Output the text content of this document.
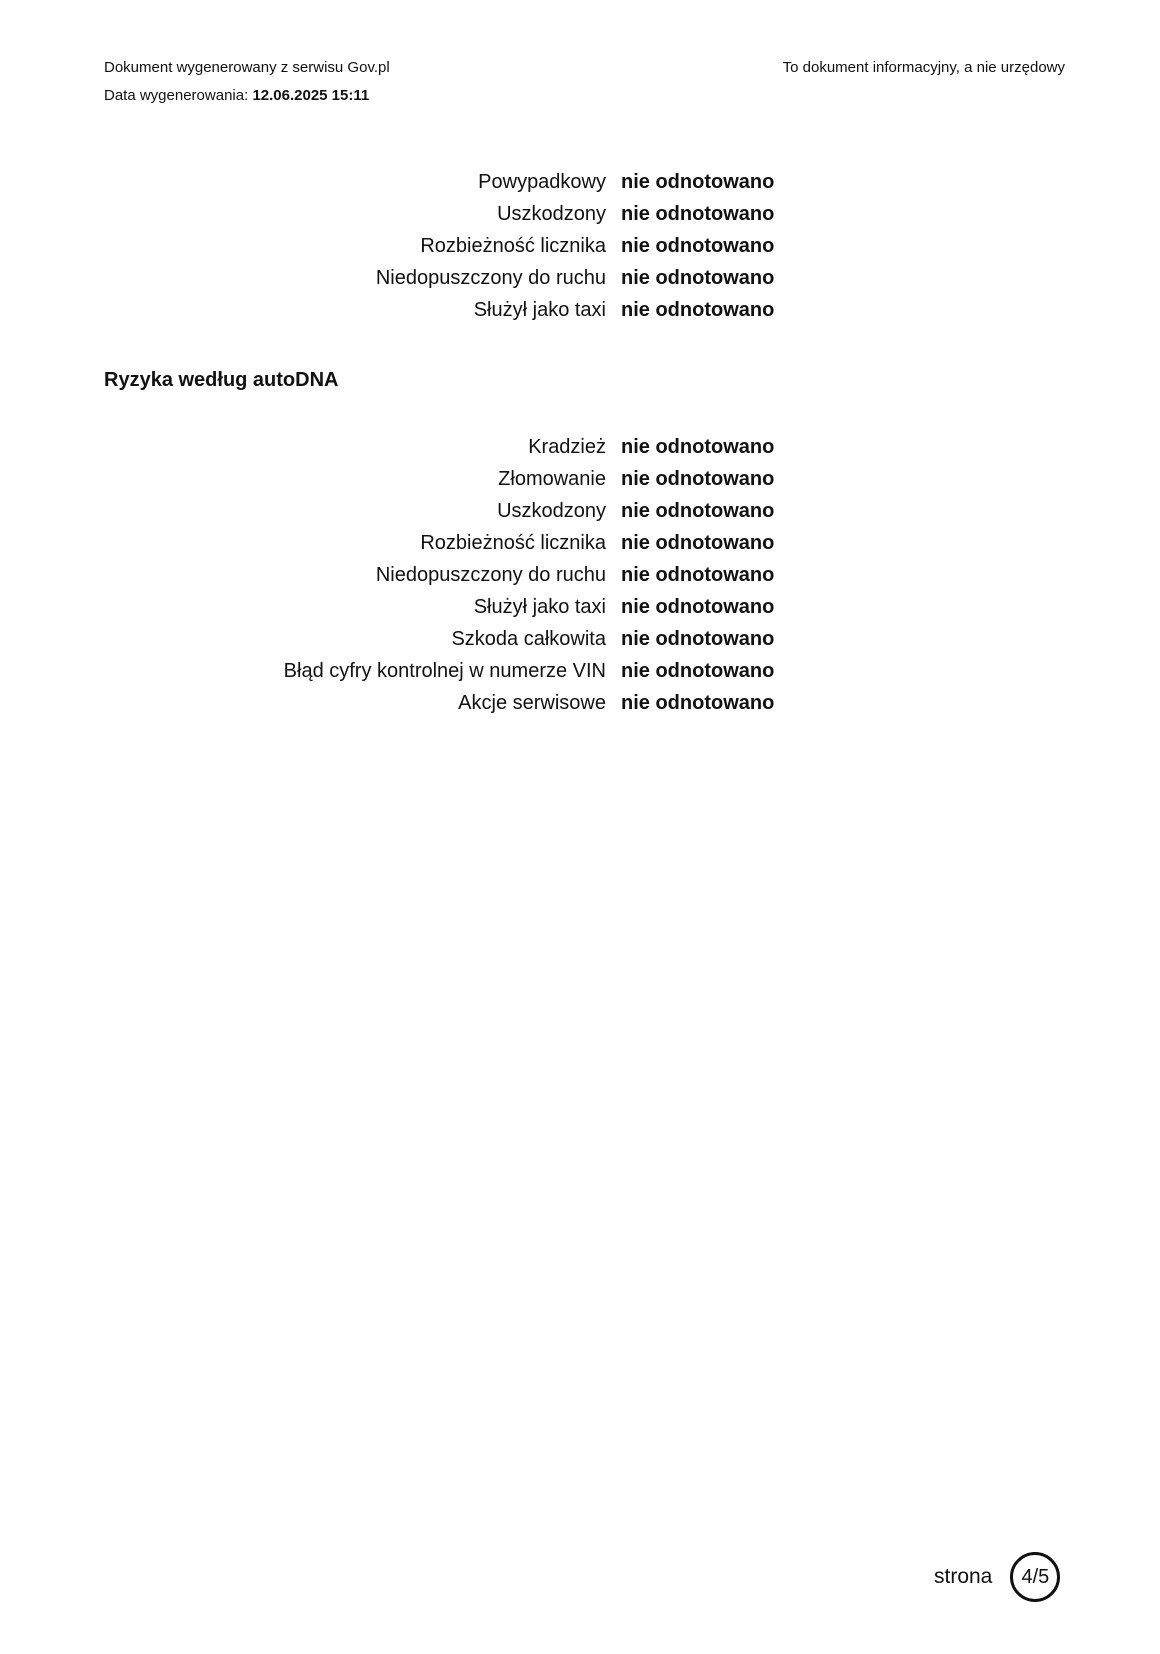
Dokument wygenerowany z serwisu Gov.pl
Data wygenerowania: 12.06.2025 15:11
To dokument informacyjny, a nie urzędowy
Powypadkowy nie odnotowano
Uszkodzony nie odnotowano
Rozbieżność licznika nie odnotowano
Niedopuszczony do ruchu nie odnotowano
Służył jako taxi nie odnotowano
Ryzyka według autoDNA
Kradzież nie odnotowano
Złomowanie nie odnotowano
Uszkodzony nie odnotowano
Rozbieżność licznika nie odnotowano
Niedopuszczony do ruchu nie odnotowano
Służył jako taxi nie odnotowano
Szkoda całkowita nie odnotowano
Błąd cyfry kontrolnej w numerze VIN nie odnotowano
Akcje serwisowe nie odnotowano
strona	4/5
